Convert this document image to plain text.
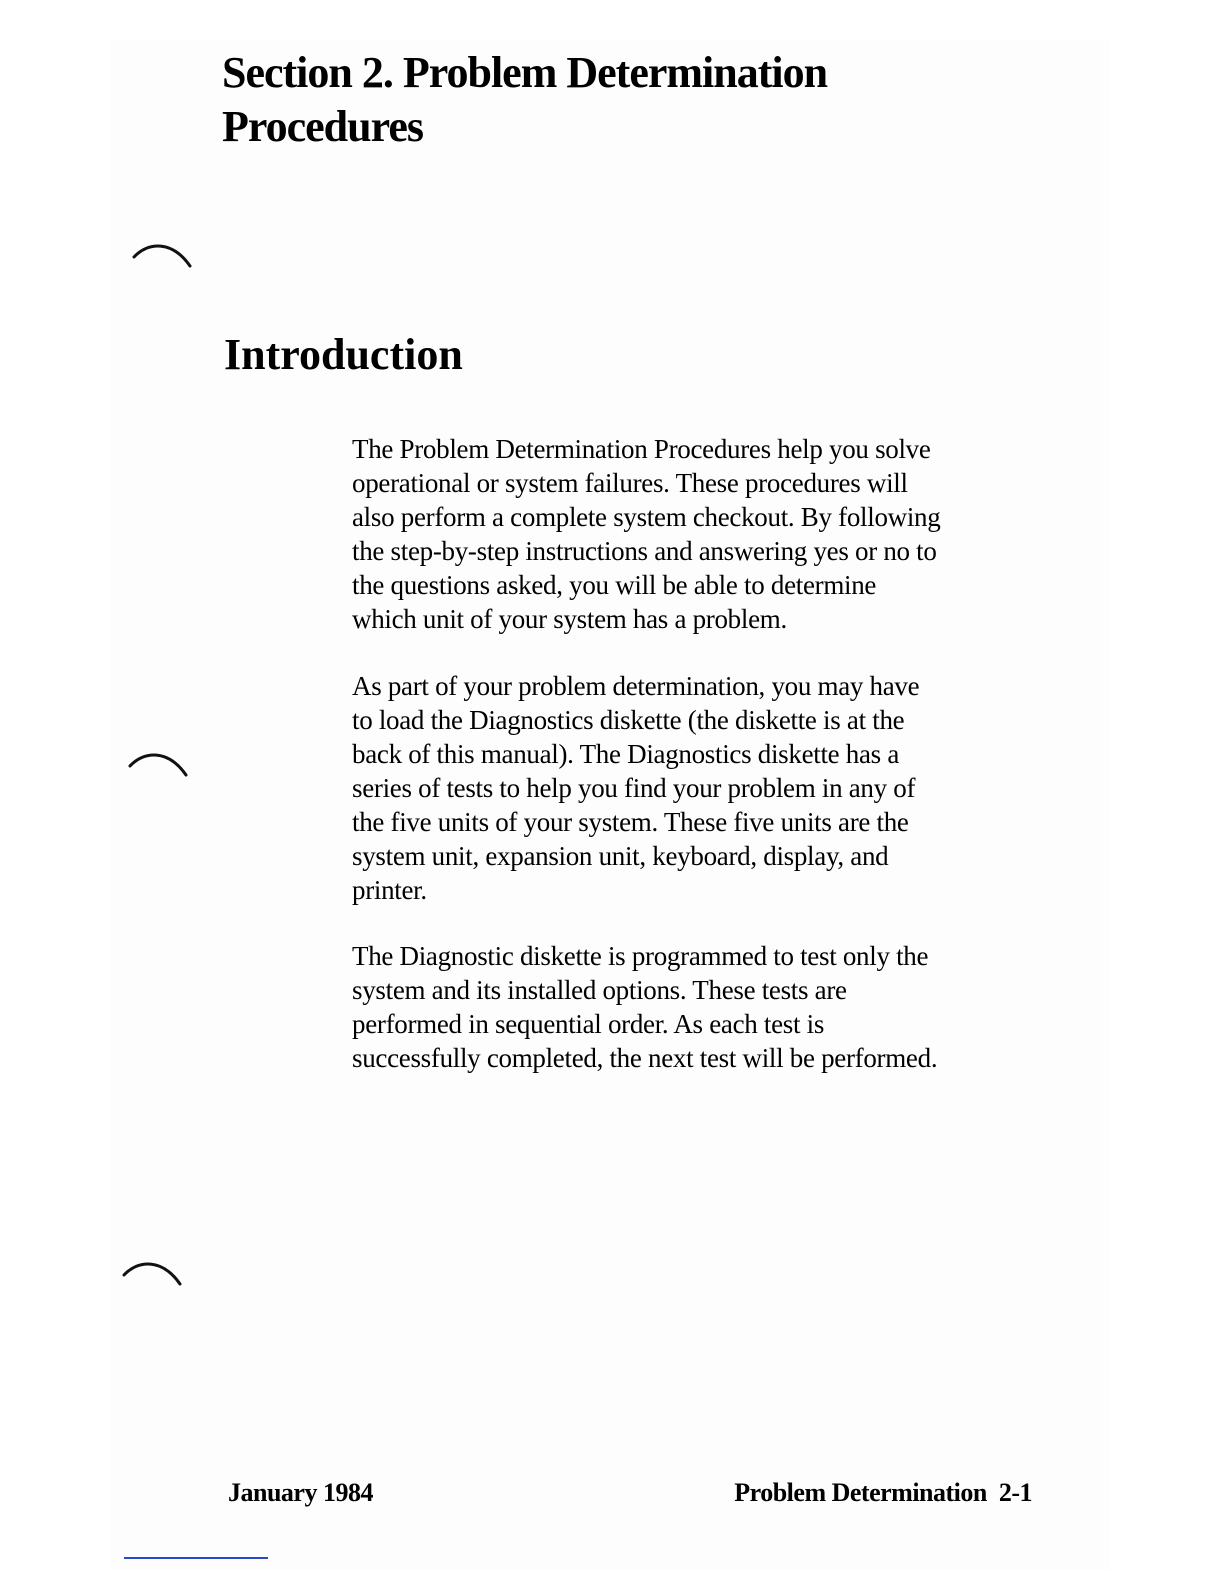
Section 2. Problem Determination
Procedures
Introduction

The Problem Determination Procedures help you solve
operational or system failures. These procedures will
also perform a complete system checkout. By following
the step-by-step instructions and answering yes or no to
the questions asked, you will be able to determine
which unit of your system has a problem.

As part of your problem determination, you may have
to load the Diagnostics diskette (the diskette is at the
back of this manual). The Diagnostics diskette has a
series of tests to help you find your problem in any of
the five units of your system. These five units are the
system unit, expansion unit, keyboard, display, and
printer.

The Diagnostic diskette is programmed to test only the
system and its installed options. These tests are
performed in sequential order. As each test is
successfully completed, the next test will be performed.

January 1984	Problem Determination  2-1
